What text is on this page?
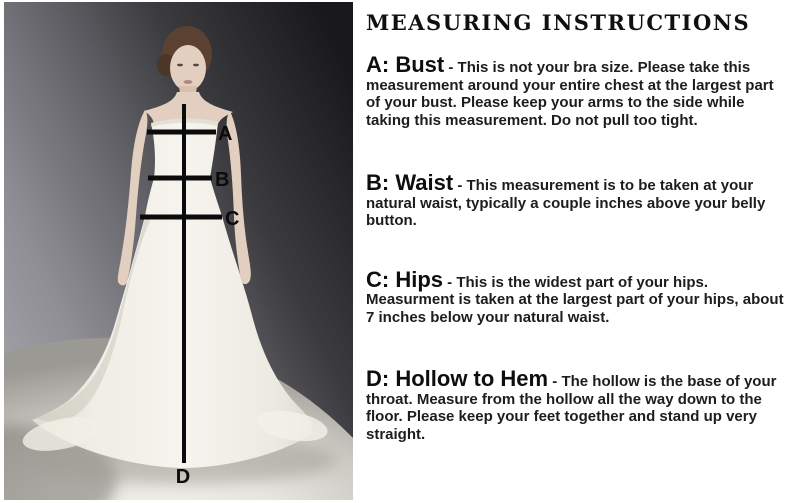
A
B
C
D
MEASURING INSTRUCTIONS

A: Bust - This is not your bra size. Please take this measurement around your entire chest at the largest part of your bust. Please keep your arms to the side while taking this measurement. Do not pull too tight.

B: Waist - This measurement is to be taken at your natural waist, typically a couple inches above your belly button.

C: Hips - This is the widest part of your hips. Measurment is taken at the largest part of your hips, about 7 inches below your natural waist.

D: Hollow to Hem - The hollow is the base of your throat. Measure from the hollow all the way down to the floor. Please keep your feet together and stand up very straight.
